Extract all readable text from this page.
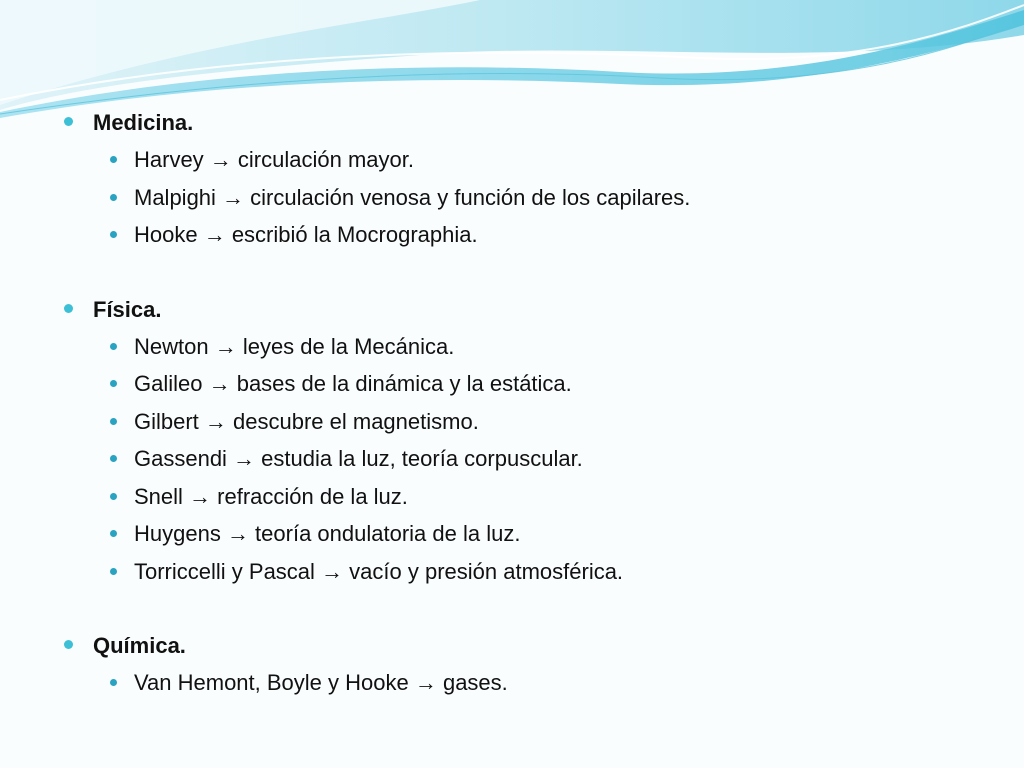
Medicina.
Harvey → circulación mayor.
Malpighi → circulación venosa y función de los capilares.
Hooke → escribió la Mocrographia.
Física.
Newton → leyes de la Mecánica.
Galileo → bases de la dinámica y la estática.
Gilbert → descubre el magnetismo.
Gassendi → estudia la luz, teoría corpuscular.
Snell → refracción de la luz.
Huygens → teoría ondulatoria de la luz.
Torriccelli y Pascal → vacío y presión atmosférica.
Química.
Van Hemont, Boyle y Hooke → gases.
